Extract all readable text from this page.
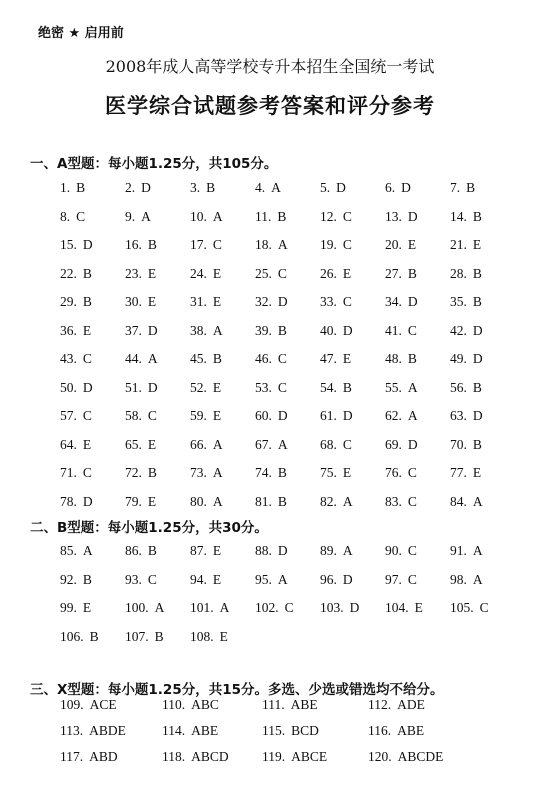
绝密 ★ 启用前
2008年成人高等学校专升本招生全国统一考试
医学综合试题参考答案和评分参考
一、A型题：每小题1.25分，共105分。
1. B	2. D	3. B	4. A	5. D	6. D	7. B
8. C	9. A	10. A 11. B 12. C 13. D 14. B
15. D 16. B 17. C 18. A 19. C 20. E	21. E
22. B 23. E	24. E	25. C 26. E	27. B 28. B
29. B 30. E	31. E	32. D 33. C 34. D 35. B
36. E	37. D 38. A 39. B 40. D 41. C 42. D
43. C 44. A 45. B 46. C 47. E	48. B 49. D
50. D 51. D 52. E	53. C 54. B 55. A 56. B
57. C 58. C 59. E	60. D 61. D 62. A 63. D
64. E	65. E	66. A 67. A 68. C 69. D 70. B
71. C 72. B 73. A 74. B 75. E	76. C 77. E
78. D 79. E	80. A 81. B 82. A 83. C 84. A
二、B型题：每小题1.25分，共30分。
85. A 86. B 87. E	88. D 89. A 90. C 91. A
92. B 93. C 94. E	95. A 96. D 97. C 98. A
99. E	100. A 101. A 102. C 103. D 104. E 105. C
106. B 107. B 108. E
三、X型题：每小题1.25分，共15分。多选、少选或错选均不给分。
109. ACE	110. ABC	111. ABE	112. ADE
113. ABDE	114. ABE	115. BCD	116. ABE
117. ABD	118. ABCD 119. ABCE	120. ABCDE
